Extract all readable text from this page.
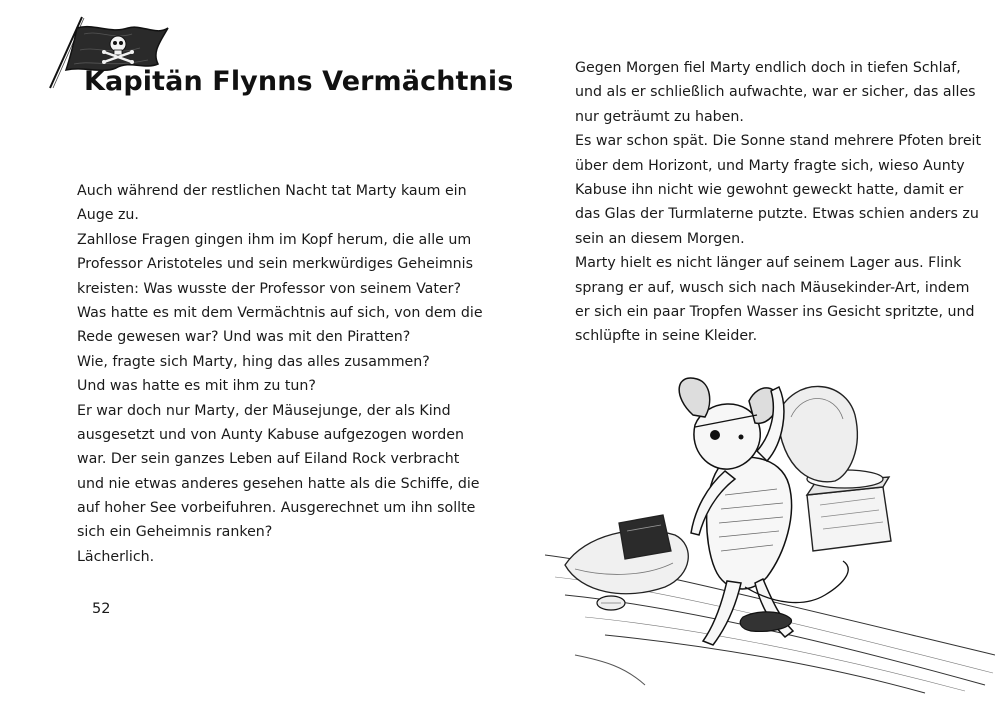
Kapitän Flynns Vermächtnis
Auch während der restlichen Nacht tat Marty kaum ein
Auge zu.
Zahllose Fragen gingen ihm im Kopf herum, die alle um
Professor Aristoteles und sein merkwürdiges Geheimnis
kreisten: Was wusste der Professor von seinem Vater?
Was hatte es mit dem Vermächtnis auf sich, von dem die
Rede gewesen war? Und was mit den Piratten?
Wie, fragte sich Marty, hing das alles zusammen?
Und was hatte es mit ihm zu tun?
Er war doch nur Marty, der Mäusejunge, der als Kind
ausgesetzt und von Aunty Kabuse aufgezogen worden
war. Der sein ganzes Leben auf Eiland Rock verbracht
und nie etwas anderes gesehen hatte als die Schiffe, die
auf hoher See vorbeifuhren. Ausgerechnet um ihn sollte
sich ein Geheimnis ranken?
Lächerlich.
52
Gegen Morgen fiel Marty endlich doch in tiefen Schlaf,
und als er schließlich aufwachte, war er sicher, das alles
nur geträumt zu haben.
Es war schon spät. Die Sonne stand mehrere Pfoten breit
über dem Horizont, und Marty fragte sich, wieso Aunty
Kabuse ihn nicht wie gewohnt geweckt hatte, damit er
das Glas der Turmlaterne putzte. Etwas schien anders zu
sein an diesem Morgen.
Marty hielt es nicht länger auf seinem Lager aus. Flink
sprang er auf, wusch sich nach Mäusekinder-Art, indem
er sich ein paar Tropfen Wasser ins Gesicht spritzte, und
schlüpfte in seine Kleider.
